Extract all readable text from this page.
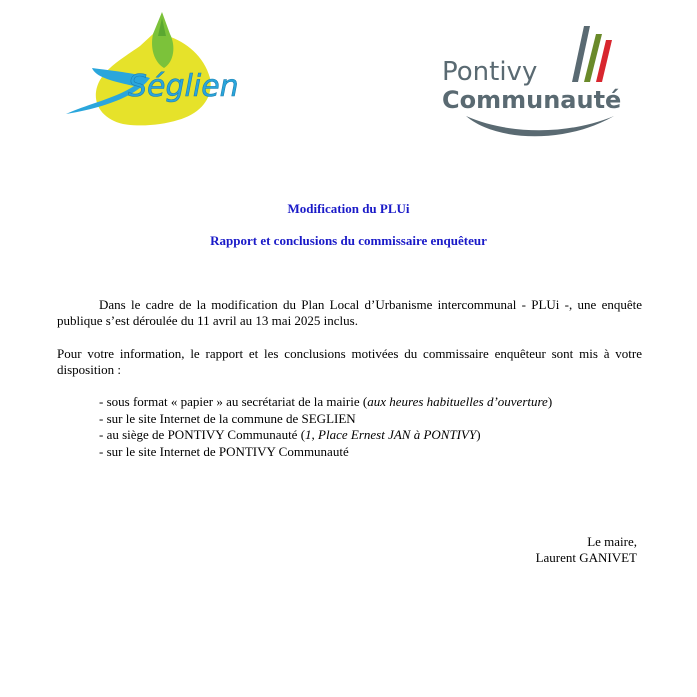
Séglien	Pontivy
Communauté
Modification du PLUi
Rapport et conclusions du commissaire enquêteur

Dans le cadre de la modification du Plan Local d’Urbanisme intercommunal - PLUi -, une enquête publique s’est déroulée du 11 avril au 13 mai 2025 inclus.

Pour votre information, le rapport et les conclusions motivées du commissaire enquêteur sont mis à votre disposition :

- sous format « papier » au secrétariat de la mairie (aux heures habituelles d’ouverture)
- sur le site Internet de la commune de SEGLIEN
- au siège de PONTIVY Communauté (1, Place Ernest JAN à PONTIVY)
- sur le site Internet de PONTIVY Communauté
Le maire,
Laurent GANIVET
